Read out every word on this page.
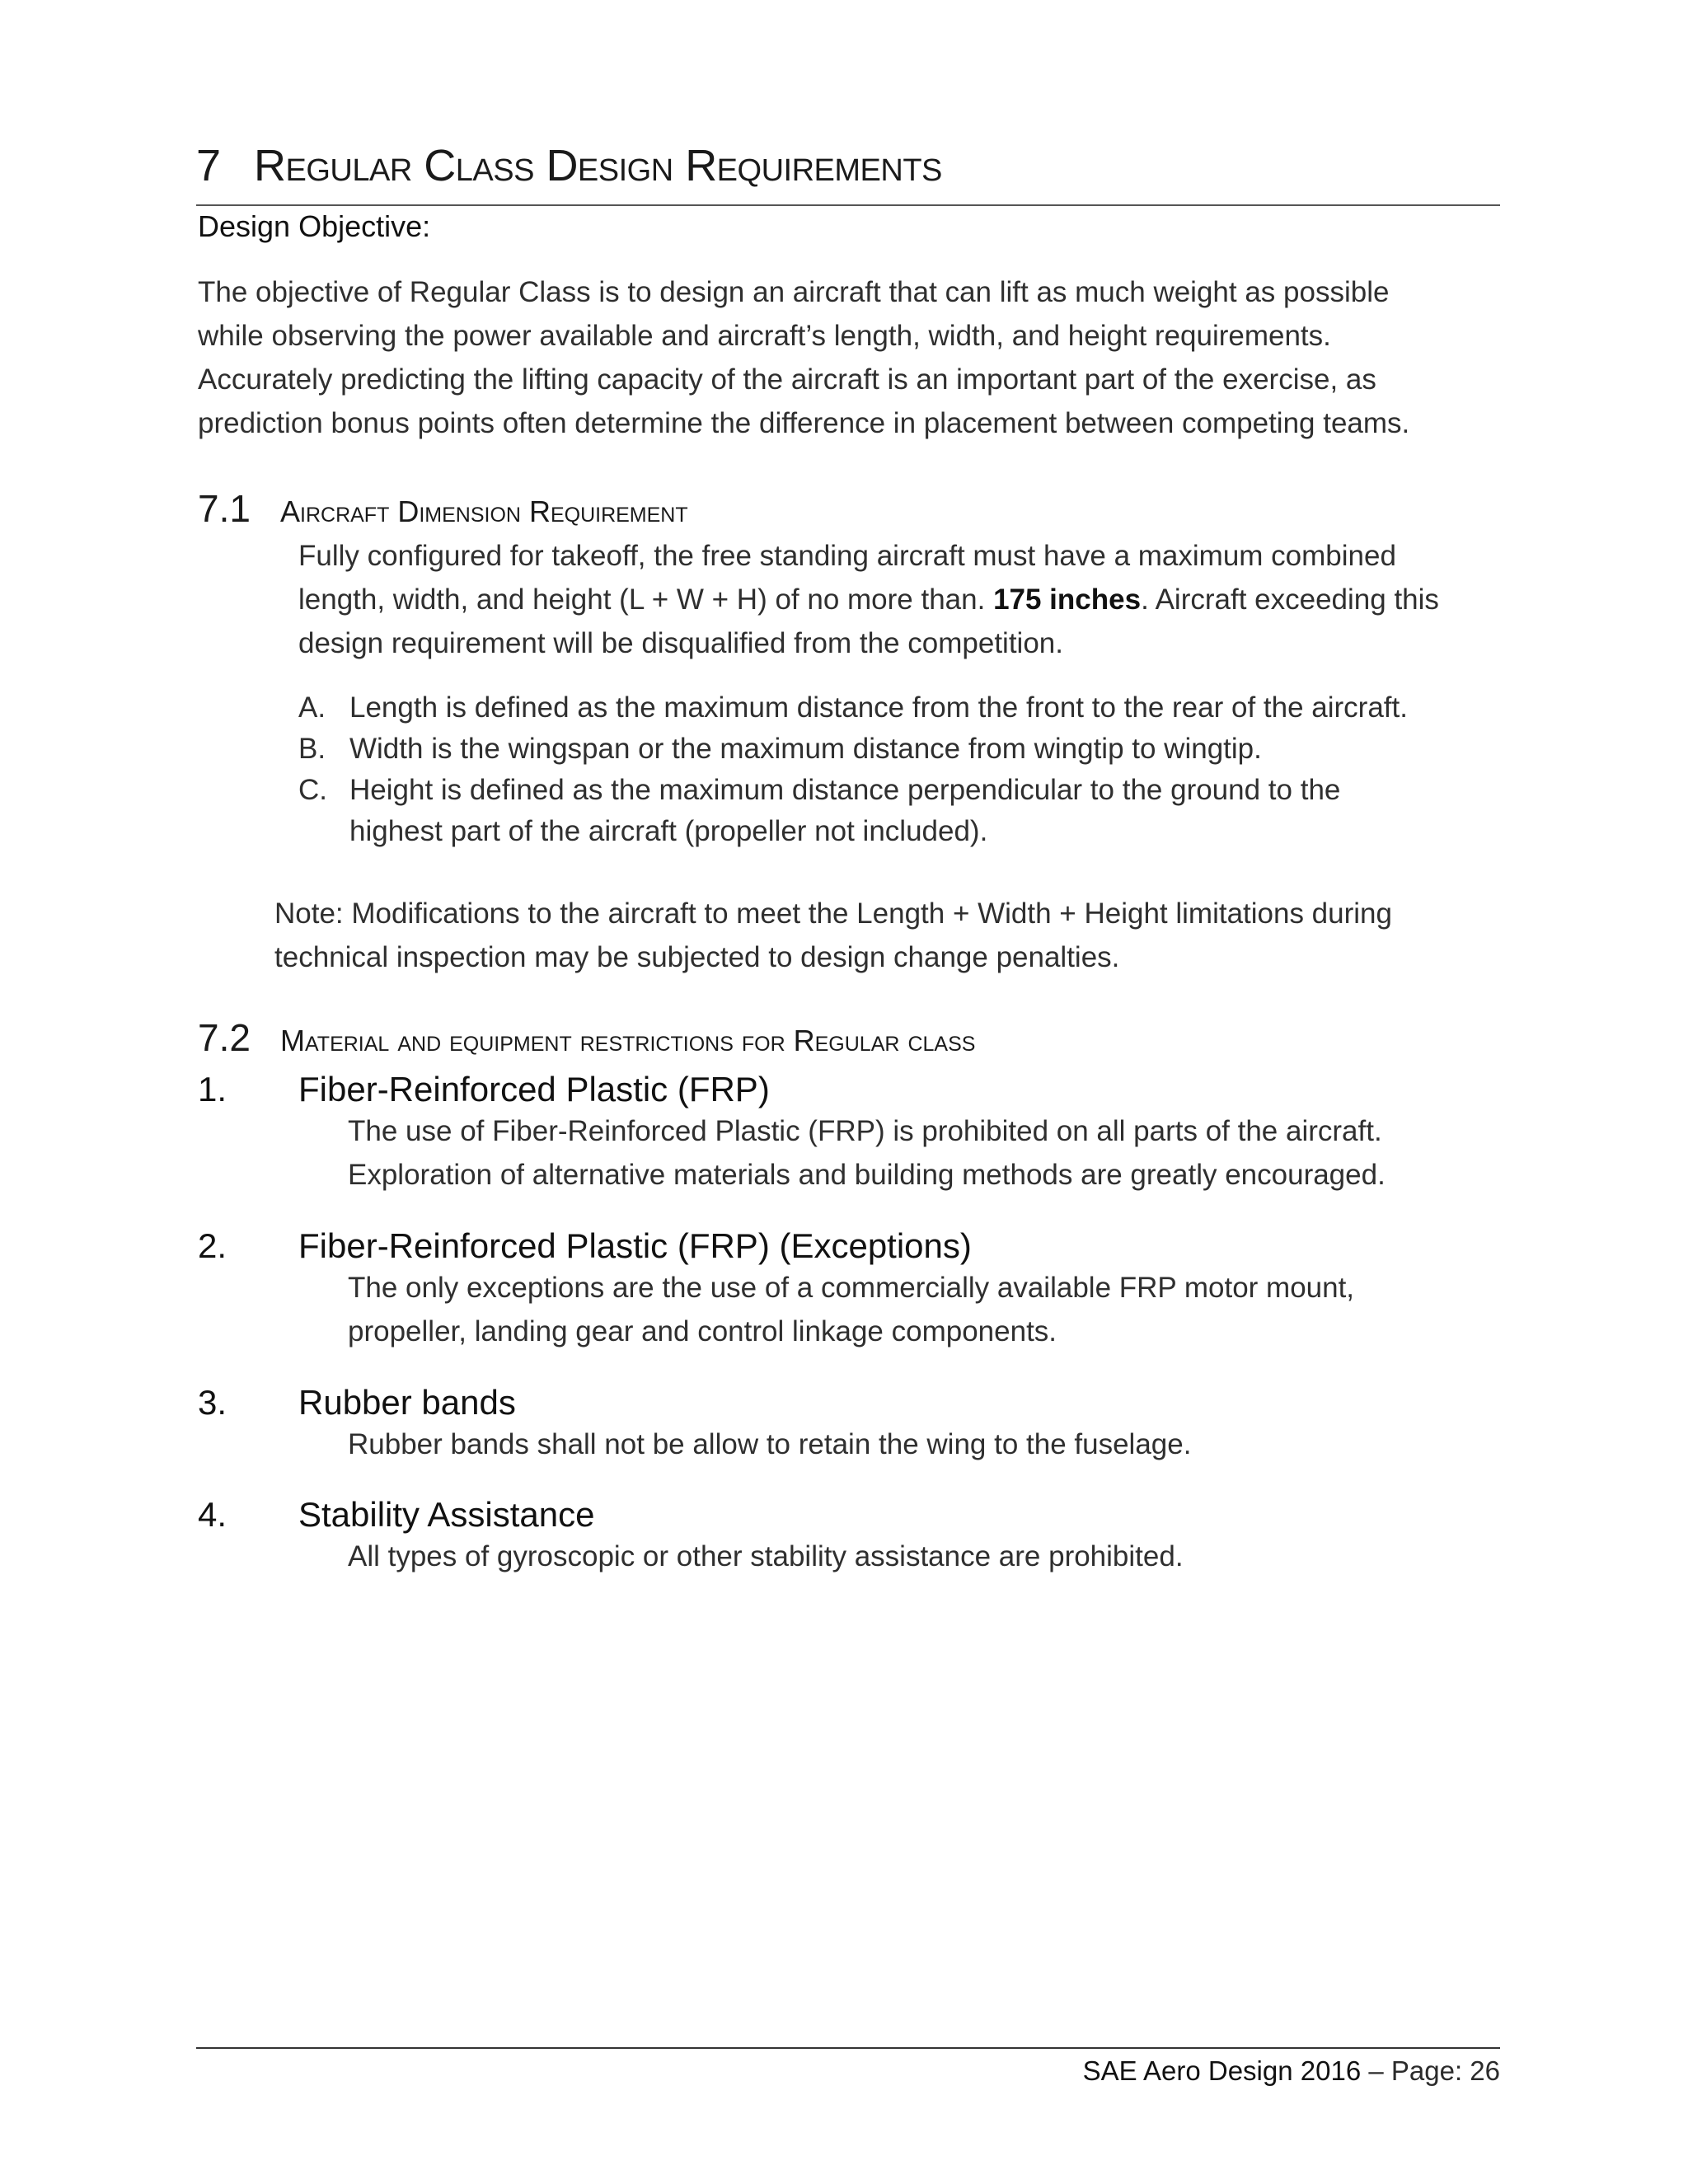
7 Regular Class Design Requirements
Design Objective:
The objective of Regular Class is to design an aircraft that can lift as much weight as possible
while observing the power available and aircraft’s length, width, and height requirements.
Accurately predicting the lifting capacity of the aircraft is an important part of the exercise, as
prediction bonus points often determine the difference in placement between competing teams.
7.1 Aircraft Dimension Requirement
Fully configured for takeoff, the free standing aircraft must have a maximum combined
length, width, and height (L + W + H) of no more than. 175 inches. Aircraft exceeding this
design requirement will be disqualified from the competition.
A. Length is defined as the maximum distance from the front to the rear of the aircraft.
B. Width is the wingspan or the maximum distance from wingtip to wingtip.
C. Height is defined as the maximum distance perpendicular to the ground to the
highest part of the aircraft (propeller not included).
Note: Modifications to the aircraft to meet the Length + Width + Height limitations during
technical inspection may be subjected to design change penalties.
7.2 Material and equipment restrictions for Regular class
1. Fiber-Reinforced Plastic (FRP)
The use of Fiber-Reinforced Plastic (FRP) is prohibited on all parts of the aircraft.
Exploration of alternative materials and building methods are greatly encouraged.
2. Fiber-Reinforced Plastic (FRP) (Exceptions)
The only exceptions are the use of a commercially available FRP motor mount,
propeller, landing gear and control linkage components.
3. Rubber bands
Rubber bands shall not be allow to retain the wing to the fuselage.
4. Stability Assistance
All types of gyroscopic or other stability assistance are prohibited.
SAE Aero Design 2016 – Page: 26
